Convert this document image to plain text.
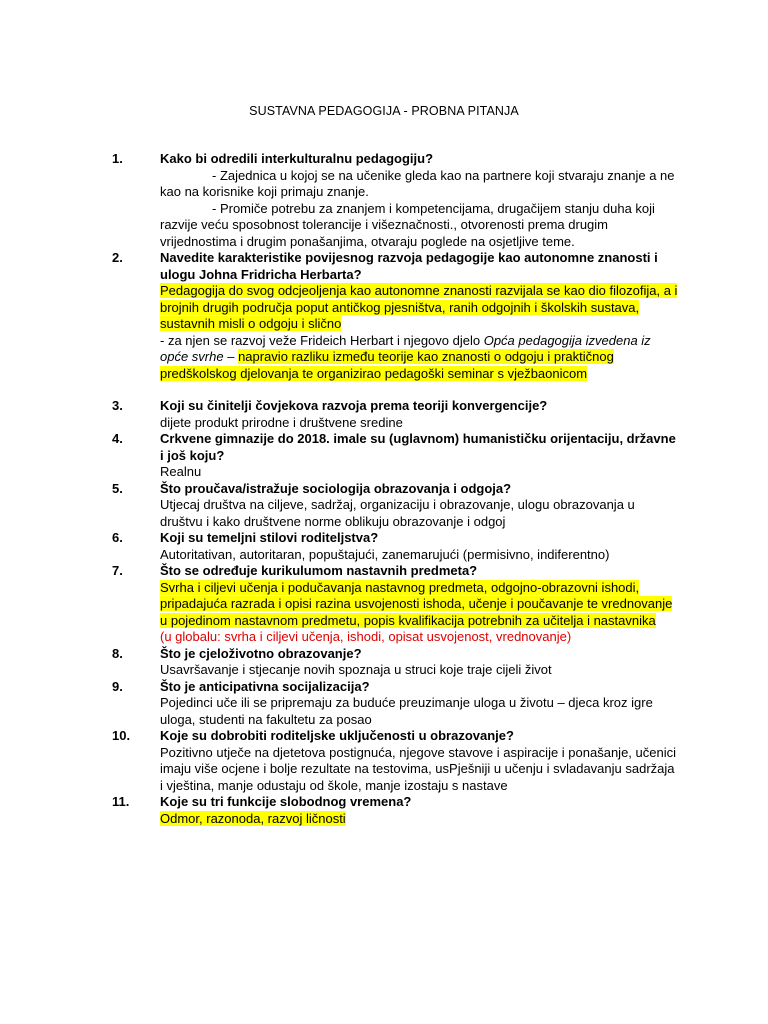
SUSTAVNA PEDAGOGIJA - PROBNA PITANJA
1.	Kako bi odredili interkulturalnu pedagogiju?
- Zajednica u kojoj se na učenike gleda kao na partnere koji stvaraju znanje a ne kao na korisnike koji primaju znanje.
- Promiče potrebu za znanjem i kompetencijama, drugačijem stanju duha koji razvije veću sposobnost tolerancije i višeznačnosti., otvorenosti prema drugim vrijednostima i drugim ponašanjima, otvaraju poglede na osjetljive teme.
2.	Navedite karakteristike povijesnog razvoja pedagogije kao autonomne znanosti i ulogu Johna Fridricha Herbarta?
Pedagogija do svog odcjeoljenja kao autonomne znanosti razvijala se kao dio filozofija, a i brojnih drugih područja poput antičkog pjesništva, ranih odgojnih i školskih sustava, sustavnih misli o odgoju i slično
- za njen se razvoj veže Frideich Herbart i njegovo djelo Opća pedagogija izvedena iz opće svrhe – napravio razliku između teorije kao znanosti o odgoju i praktičnog predškolskog djelovanja te organizirao pedagoški seminar s vježbaonicom
3.	Koji su činitelji čovjekova razvoja prema teoriji konvergencije?
dijete produkt prirodne i društvene sredine
4.	Crkvene gimnazije do 2018. imale su (uglavnom) humanističku orijentaciju, državne i još koju?
Realnu
5.	Što proučava/istražuje sociologija obrazovanja i odgoja?
Utjecaj društva na ciljeve, sadržaj, organizaciju i obrazovanje, ulogu obrazovanja u društvu i kako društvene norme oblikuju obrazovanje i odgoj
6.	Koji su temeljni stilovi roditeljstva?
Autoritativan, autoritaran, popuštajući, zanemarujući (permisivno, indiferentno)
7.	Što se određuje kurikulumom nastavnih predmeta?
Svrha i ciljevi učenja i podučavanja nastavnog predmeta, odgojno-obrazovni ishodi, pripadajuća razrada i opisi razina usvojenosti ishoda, učenje i poučavanje te vrednovanje u pojedinom nastavnom predmetu, popis kvalifikacija potrebnih za učitelja i nastavnika
(u globalu: svrha i ciljevi učenja, ishodi, opisat usvojenost, vrednovanje)
8.	Što je cjeloživotno obrazovanje?
Usavršavanje i stjecanje novih spoznaja u struci koje traje cijeli život
9.	Što je anticipativna socijalizacija?
Pojedinci uče ili se pripremaju za buduće preuzimanje uloga u životu – djeca kroz igre uloga, studenti na fakultetu za posao
10. Koje su dobrobiti roditeljske uključenosti u obrazovanje?
Pozitivno utječe na djetetova postignuća, njegove stavove i aspiracije i ponašanje, učenici imaju više ocjene i bolje rezultate na testovima, usPješniji u učenju i svladavanju sadržaja i vještina, manje odustaju od škole, manje izostaju s nastave
11. Koje su tri funkcije slobodnog vremena?
Odmor, razonoda, razvoj ličnosti
